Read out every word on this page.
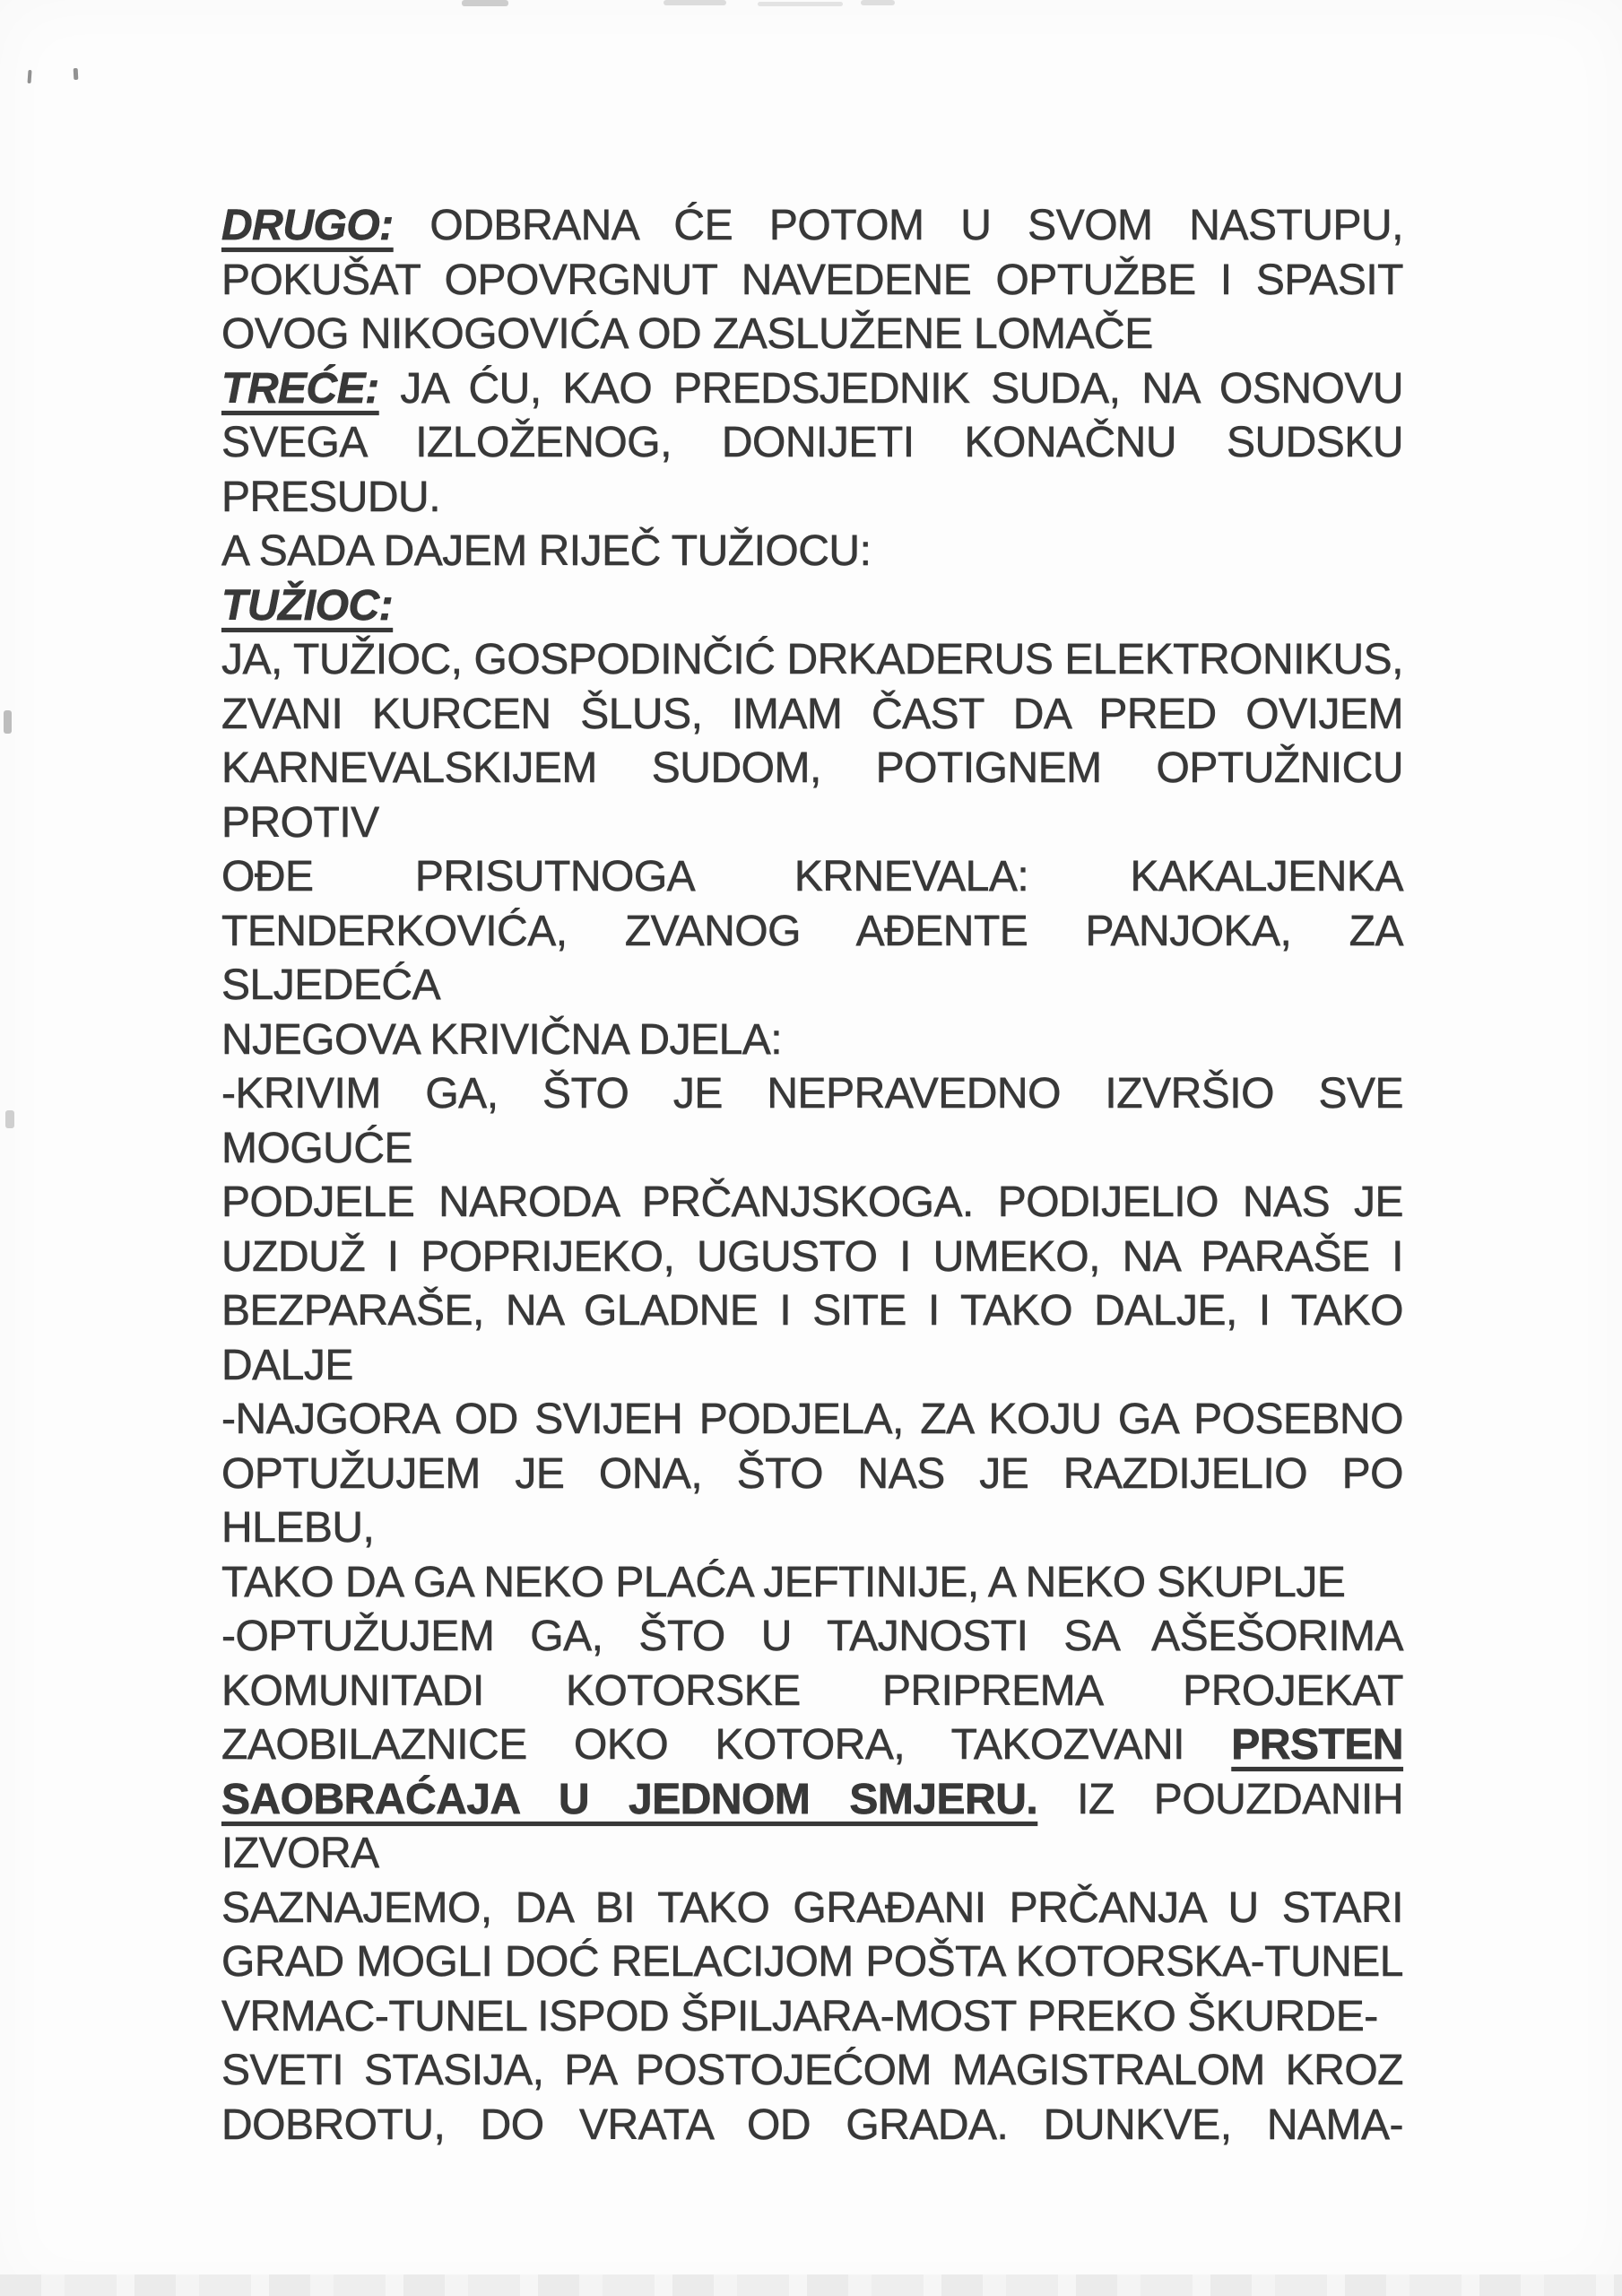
DRUGO: ODBRANA ĆE POTOM U SVOM NASTUPU,
POKUŠAT OPOVRGNUT NAVEDENE OPTUŽBE I SPASIT
OVOG NIKOGOVIĆA OD ZASLUŽENE LOMAČE
TREĆE: JA ĆU, KAO PREDSJEDNIK SUDA, NA OSNOVU
SVEGA IZLOŽENOG, DONIJETI KONAČNU SUDSKU
PRESUDU.
A SADA DAJEM RIJEČ TUŽIOCU:
TUŽIOC:
JA, TUŽIOC, GOSPODINČIĆ DRKADERUS ELEKTRONIKUS,
ZVANI KURCEN ŠLUS, IMAM ČAST DA PRED OVIJEM
KARNEVALSKIJEM SUDOM, POTIGNEM OPTUŽNICU PROTIV
OĐE PRISUTNOGA KRNEVALA: KAKALJENKA
TENDERKOVIĆA, ZVANOG AĐENTE PANJOKA, ZA SLJEDEĆA
NJEGOVA KRIVIČNA DJELA:
-KRIVIM GA, ŠTO JE NEPRAVEDNO IZVRŠIO SVE MOGUĆE
PODJELE NARODA PRČANJSKOGA. PODIJELIO NAS JE
UZDUŽ I POPRIJEKO, UGUSTO I UMEKO, NA PARAŠE I
BEZPARAŠE, NA GLADNE I SITE I TAKO DALJE, I TAKO
DALJE
-NAJGORA OD SVIJEH PODJELA, ZA KOJU GA POSEBNO
OPTUŽUJEM JE ONA, ŠTO NAS JE RAZDIJELIO PO HLEBU,
TAKO DA GA NEKO PLAĆA JEFTINIJE, A NEKO SKUPLJE
-OPTUŽUJEM GA, ŠTO U TAJNOSTI SA AŠEŠORIMA
KOMUNITADI KOTORSKE PRIPREMA PROJEKAT
ZAOBILAZNICE OKO KOTORA, TAKOZVANI PRSTEN
SAOBRAĆAJA U JEDNOM SMJERU. IZ POUZDANIH IZVORA
SAZNAJEMO, DA BI TAKO GRAĐANI PRČANJA U STARI
GRAD MOGLI DOĆ RELACIJOM POŠTA KOTORSKA-TUNEL
VRMAC-TUNEL ISPOD ŠPILJARA-MOST PREKO ŠKURDE-
SVETI STASIJA, PA POSTOJEĆOM MAGISTRALOM KROZ
DOBROTU, DO VRATA OD GRADA. DUNKVE, NAMA-
